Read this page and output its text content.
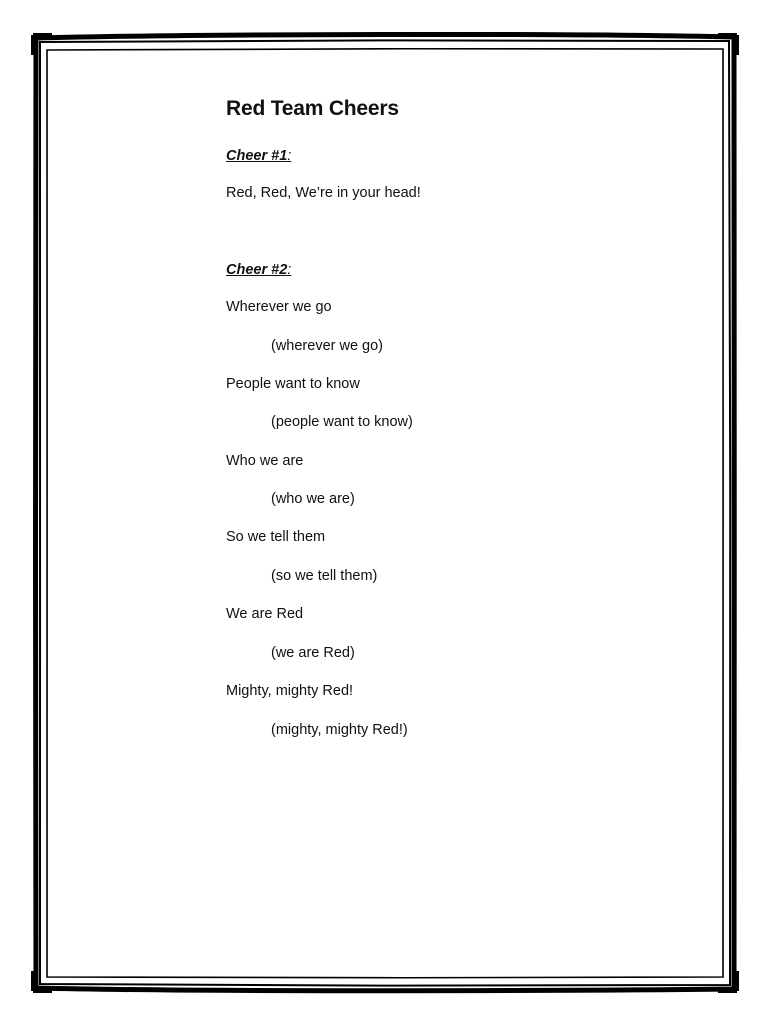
Red Team Cheers
Cheer #1:
Red, Red, We’re in your head!
Cheer #2:
Wherever we go
(wherever we go)
People want to know
(people want to know)
Who we are
(who we are)
So we tell them
(so we tell them)
We are Red
(we are Red)
Mighty, mighty Red!
(mighty, mighty Red!)
